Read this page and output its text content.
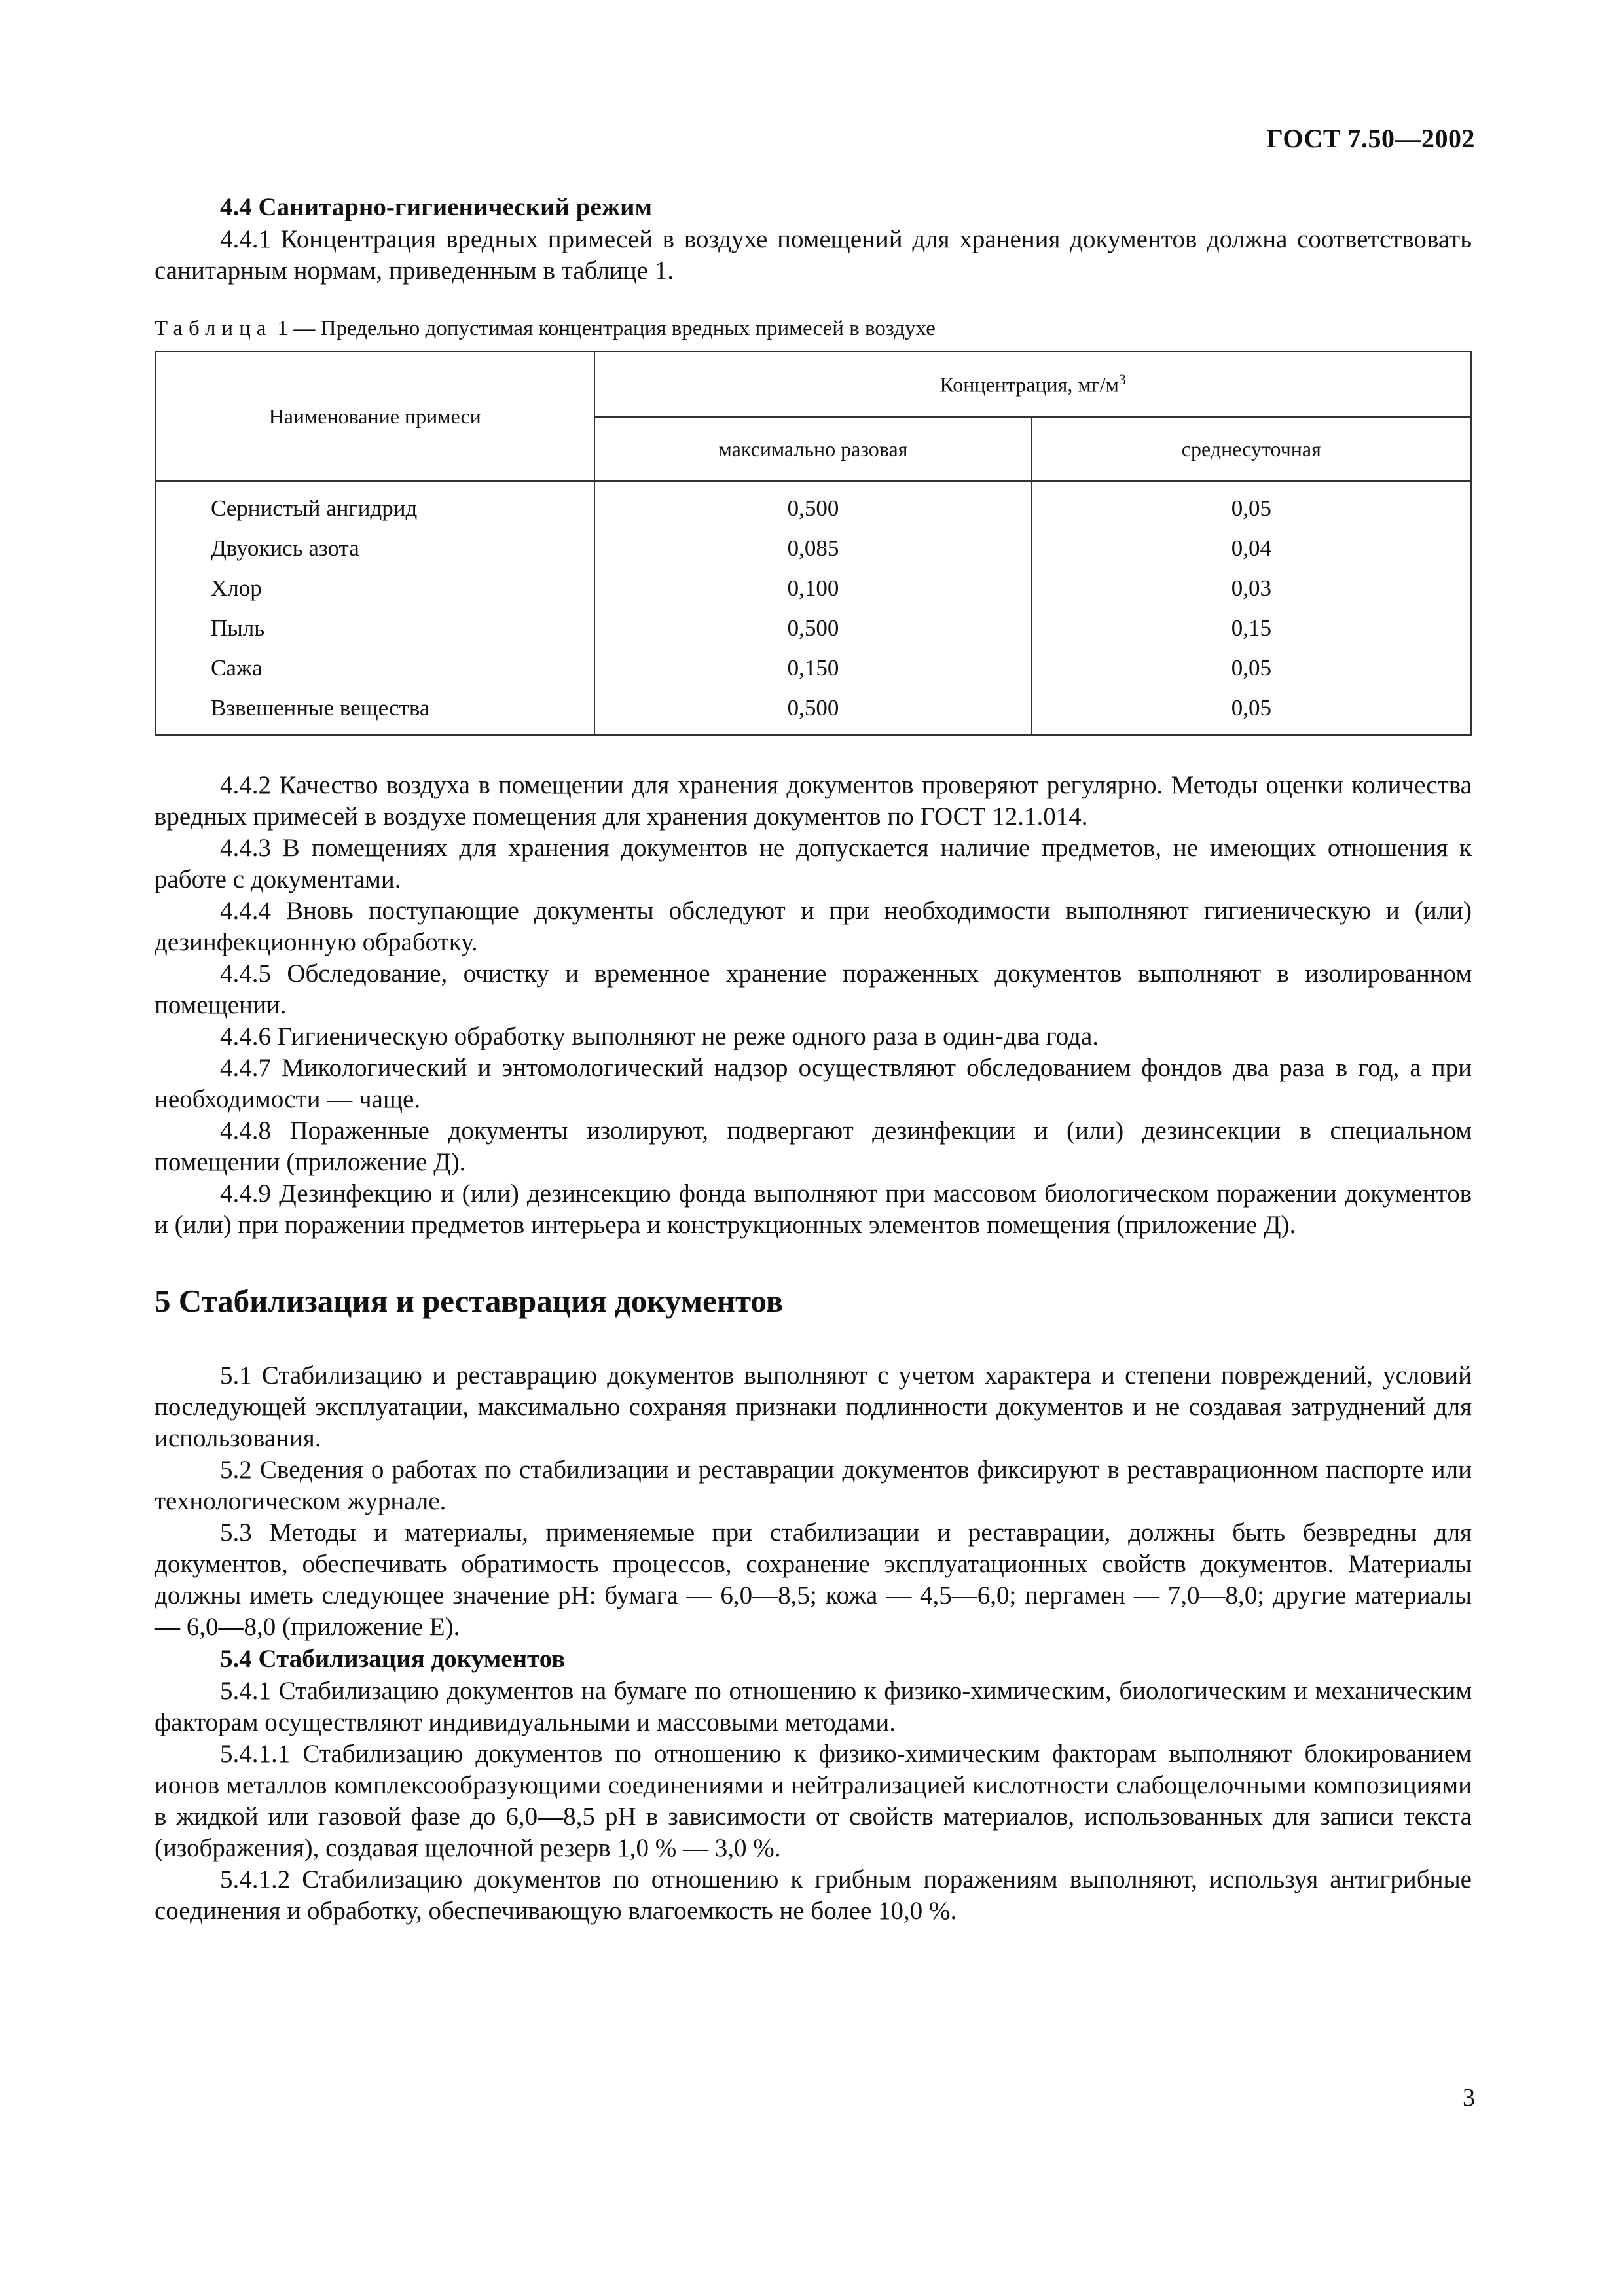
ГОСТ 7.50—2002

4.4 Санитарно-гигиенический режим

4.4.1 Концентрация вредных примесей в воздухе помещений для хранения документов должна соответствовать санитарным нормам, приведенным в таблице 1.

Таблица 1 — Предельно допустимая концентрация вредных примесей в воздухе
Наименование примеси	Концентрация, $мг/м^3$
	максимально разовая	среднесуточная
Сернистый ангидрид	0,500	0,05
Двуокись азота	0,085	0,04
Хлор	0,100	0,03
Пыль	0,500	0,15
Сажа	0,150	0,05
Взвешенные вещества	0,500	0,05

4.4.2 Качество воздуха в помещении для хранения документов проверяют регулярно. Методы оценки количества вредных примесей в воздухе помещения для хранения документов по ГОСТ 12.1.014.

4.4.3 В помещениях для хранения документов не допускается наличие предметов, не имеющих отношения к работе с документами.

4.4.4 Вновь поступающие документы обследуют и при необходимости выполняют гигиеническую и (или) дезинфекционную обработку.

4.4.5 Обследование, очистку и временное хранение пораженных документов выполняют в изолированном помещении.

4.4.6 Гигиеническую обработку выполняют не реже одного раза в один-два года.

4.4.7 Микологический и энтомологический надзор осуществляют обследованием фондов два раза в год, а при необходимости — чаще.

4.4.8 Пораженные документы изолируют, подвергают дезинфекции и (или) дезинсекции в специальном помещении (приложение Д).

4.4.9 Дезинфекцию и (или) дезинсекцию фонда выполняют при массовом биологическом поражении документов и (или) при поражении предметов интерьера и конструкционных элементов помещения (приложение Д).

5 Стабилизация и реставрация документов

5.1 Стабилизацию и реставрацию документов выполняют с учетом характера и степени повреждений, условий последующей эксплуатации, максимально сохраняя признаки подлинности документов и не создавая затруднений для использования.

5.2 Сведения о работах по стабилизации и реставрации документов фиксируют в реставрационном паспорте или технологическом журнале.

5.3 Методы и материалы, применяемые при стабилизации и реставрации, должны быть безвредны для документов, обеспечивать обратимость процессов, сохранение эксплуатационных свойств документов. Материалы должны иметь следующее значение pH: бумага — 6,0—8,5; кожа — 4,5—6,0; пергамен — 7,0—8,0; другие материалы — 6,0—8,0 (приложение Е).

5.4 Стабилизация документов

5.4.1 Стабилизацию документов на бумаге по отношению к физико-химическим, биологическим и механическим факторам осуществляют индивидуальными и массовыми методами.

5.4.1.1 Стабилизацию документов по отношению к физико-химическим факторам выполняют блокированием ионов металлов комплексообразующими соединениями и нейтрализацией кислотности слабощелочными композициями в жидкой или газовой фазе до 6,0—8,5 pH в зависимости от свойств материалов, использованных для записи текста (изображения), создавая щелочной резерв 1,0 % — 3,0 %.

5.4.1.2 Стабилизацию документов по отношению к грибным поражениям выполняют, используя антигрибные соединения и обработку, обеспечивающую влагоемкость не более 10,0 %.

3
